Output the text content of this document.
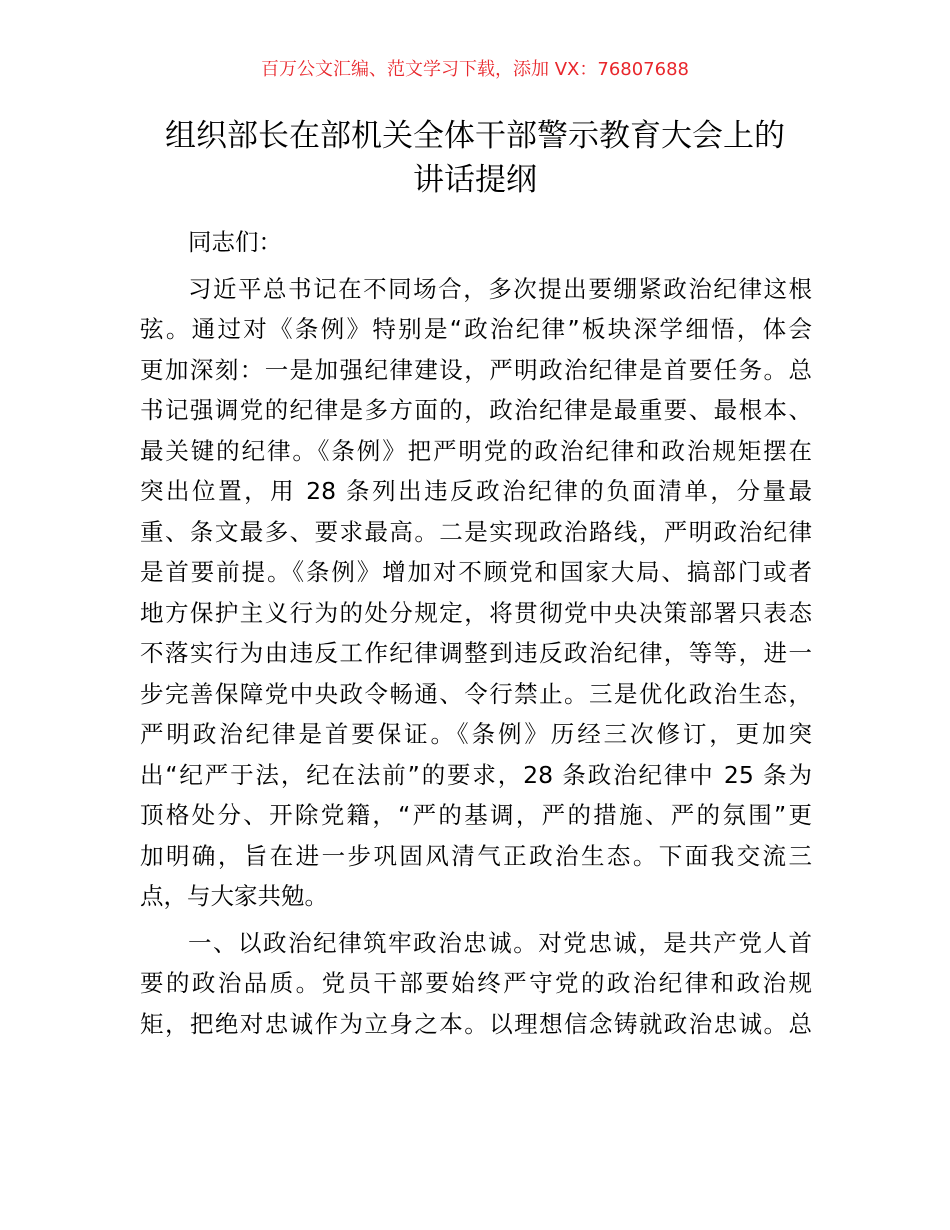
百万公文汇编、范文学习下载，添加 VX：76807688
组织部长在部机关全体干部警示教育大会上的
讲话提纲
同志们：
习近平总书记在不同场合，多次提出要绷紧政治纪律这根
弦。通过对《条例》特别是“政治纪律”板块深学细悟，体会
更加深刻：一是加强纪律建设，严明政治纪律是首要任务。总
书记强调党的纪律是多方面的，政治纪律是最重要、最根本、
最关键的纪律。《条例》把严明党的政治纪律和政治规矩摆在
突出位置，用 28 条列出违反政治纪律的负面清单，分量最
重、条文最多、要求最高。二是实现政治路线，严明政治纪律
是首要前提。《条例》增加对不顾党和国家大局、搞部门或者
地方保护主义行为的处分规定，将贯彻党中央决策部署只表态
不落实行为由违反工作纪律调整到违反政治纪律，等等，进一
步完善保障党中央政令畅通、令行禁止。三是优化政治生态，
严明政治纪律是首要保证。《条例》历经三次修订，更加突
出“纪严于法，纪在法前”的要求，28 条政治纪律中 25 条为
顶格处分、开除党籍，“严的基调，严的措施、严的氛围”更
加明确，旨在进一步巩固风清气正政治生态。下面我交流三
点，与大家共勉。
一、以政治纪律筑牢政治忠诚。对党忠诚，是共产党人首
要的政治品质。党员干部要始终严守党的政治纪律和政治规
矩，把绝对忠诚作为立身之本。以理想信念铸就政治忠诚。总
